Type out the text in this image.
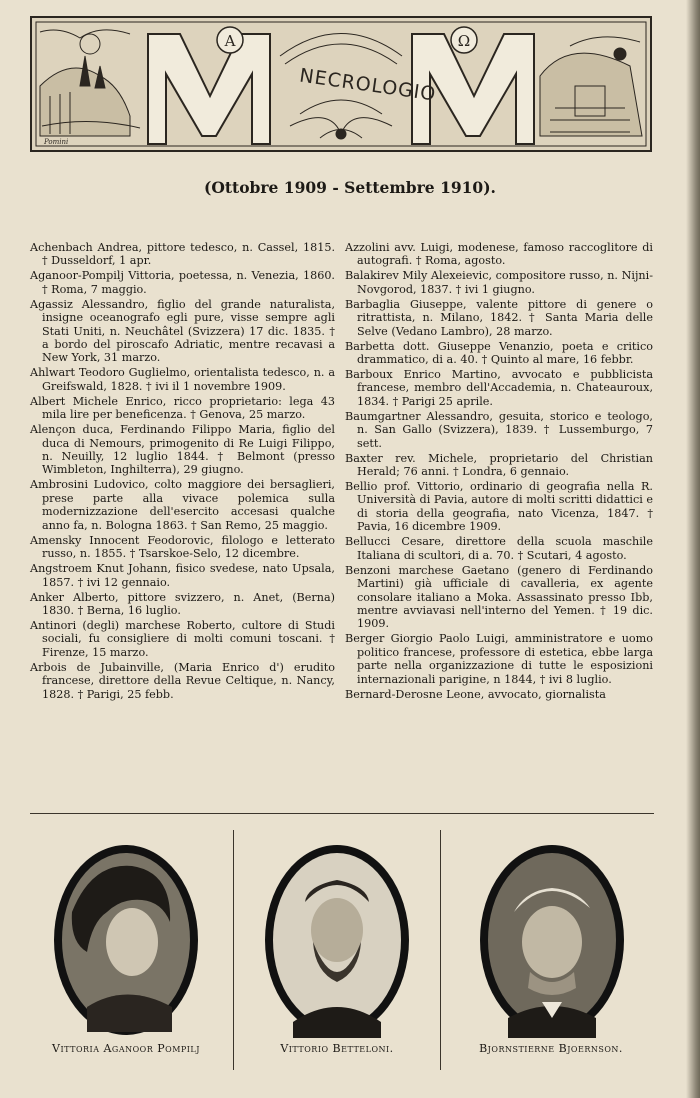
A	Ω
Pomini
NECROLOGIO
(Ottobre 1909 - Settembre 1910).

Achenbach Andrea, pittore tedesco, n. Cassel, 1815. † Dusseldorf, 1 apr.

Aganoor-Pompilj Vittoria, poetessa, n. Venezia, 1860. † Roma, 7 maggio.

Agassiz Alessandro, figlio del grande naturalista, insigne oceanografo egli pure, visse sempre agli Stati Uniti, n. Neuchâtel (Svizzera) 17 dic. 1835. † a bordo del piroscafo Adriatic, mentre recavasi a New York, 31 marzo.

Ahlwart Teodoro Guglielmo, orientalista tedesco, n. a Greifswald, 1828. † ivi il 1 novembre 1909.

Albert Michele Enrico, ricco proprietario: lega 43 mila lire per beneficenza. † Genova, 25 marzo.

Alençon duca, Ferdinando Filippo Maria, figlio del duca di Nemours, primogenito di Re Luigi Filippo, n. Neuilly, 12 luglio 1844. † Belmont (presso Wimbleton, Inghilterra), 29 giugno.

Ambrosini Ludovico, colto maggiore dei bersaglieri, prese parte alla vivace polemica sulla modernizzazione dell'esercito accesasi qualche anno fa, n. Bologna 1863. † San Remo, 25 maggio.

Amensky Innocent Feodorovic, filologo e letterato russo, n. 1855. † Tsarskoe-Selo, 12 dicembre.

Angstroem Knut Johann, fisico svedese, nato Upsala, 1857. † ivi 12 gennaio.

Anker Alberto, pittore svizzero, n. Anet, (Berna) 1830. † Berna, 16 luglio.

Antinori (degli) marchese Roberto, cultore di Studi sociali, fu consigliere di molti comuni toscani. † Firenze, 15 marzo.

Arbois de Jubainville, (Maria Enrico d') erudito francese, direttore della Revue Celtique, n. Nancy, 1828. † Parigi, 25 febb.

Azzolini avv. Luigi, modenese, famoso raccoglitore di autografi. † Roma, agosto.

Balakirev Mily Alexeievic, compositore russo, n. Nijni-Novgorod, 1837. † ivi 1 giugno.

Barbaglia Giuseppe, valente pittore di genere o ritrattista, n. Milano, 1842. † Santa Maria delle Selve (Vedano Lambro), 28 marzo.

Barbetta dott. Giuseppe Venanzio, poeta e critico drammatico, di a. 40. † Quinto al mare, 16 febbr.

Barboux Enrico Martino, avvocato e pubblicista francese, membro dell'Accademia, n. Chateauroux, 1834. † Parigi 25 aprile.

Baumgartner Alessandro, gesuita, storico e teologo, n. San Gallo (Svizzera), 1839. † Lussemburgo, 7 sett.

Baxter rev. Michele, proprietario del Christian Herald; 76 anni. † Londra, 6 gennaio.

Bellio prof. Vittorio, ordinario di geografia nella R. Università di Pavia, autore di molti scritti didattici e di storia della geografia, nato Vicenza, 1847. † Pavia, 16 dicembre 1909.

Bellucci Cesare, direttore della scuola maschile Italiana di scultori, di a. 70. † Scutari, 4 agosto.

Benzoni marchese Gaetano (genero di Ferdinando Martini) già ufficiale di cavalleria, ex agente consolare italiano a Moka. Assassinato presso Ibb, mentre avviavasi nell'interno del Yemen. † 19 dic. 1909.

Berger Giorgio Paolo Luigi, amministratore e uomo politico francese, professore di estetica, ebbe larga parte nella organizzazione di tutte le esposizioni internazionali parigine, n 1844, † ivi 8 luglio.

Bernard-Derosne Leone, avvocato, giornalista

Vittoria Aganoor Pompilj	Vittorio Betteloni.	Bjornstierne Bjoernson.
